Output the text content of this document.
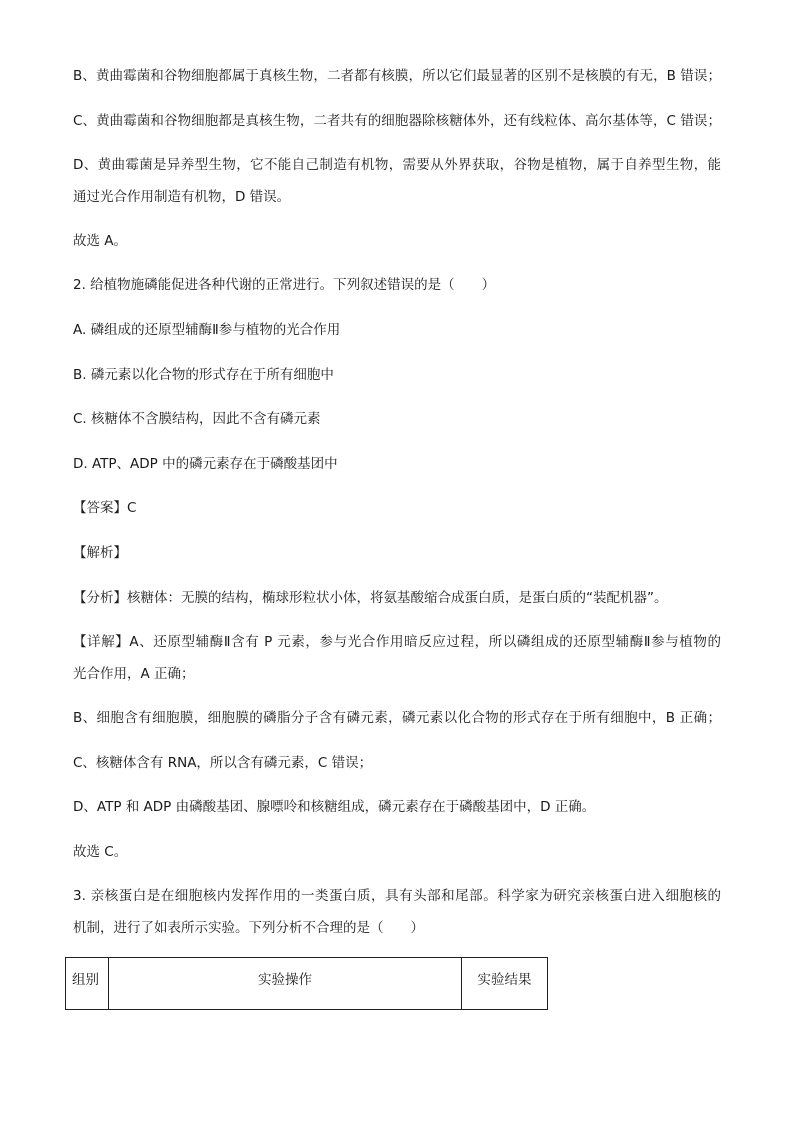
B、黄曲霉菌和谷物细胞都属于真核生物，二者都有核膜，所以它们最显著的区别不是核膜的有无，B 错误；
C、黄曲霉菌和谷物细胞都是真核生物，二者共有的细胞器除核糖体外，还有线粒体、高尔基体等，C 错误；
D、黄曲霉菌是异养型生物，它不能自己制造有机物，需要从外界获取，谷物是植物，属于自养型生物，能
通过光合作用制造有机物，D 错误。
故选 A。
2. 给植物施磷能促进各种代谢的正常进行。下列叙述错误的是（　　）
A. 磷组成的还原型辅酶Ⅱ参与植物的光合作用
B. 磷元素以化合物的形式存在于所有细胞中
C. 核糖体不含膜结构，因此不含有磷元素
D. ATP、ADP 中的磷元素存在于磷酸基团中
【答案】C
【解析】
【分析】核糖体：无膜的结构，椭球形粒状小体，将氨基酸缩合成蛋白质，是蛋白质的“装配机器”。
【详解】A、还原型辅酶Ⅱ含有 P 元素，参与光合作用暗反应过程，所以磷组成的还原型辅酶Ⅱ参与植物的
光合作用，A 正确；
B、细胞含有细胞膜，细胞膜的磷脂分子含有磷元素，磷元素以化合物的形式存在于所有细胞中，B 正确；
C、核糖体含有 RNA，所以含有磷元素，C 错误；
D、ATP 和 ADP 由磷酸基团、腺嘌呤和核糖组成，磷元素存在于磷酸基团中，D 正确。
故选 C。
3. 亲核蛋白是在细胞核内发挥作用的一类蛋白质，具有头部和尾部。科学家为研究亲核蛋白进入细胞核的
机制，进行了如表所示实验。下列分析不合理的是（　　）
组别	实验操作	实验结果
